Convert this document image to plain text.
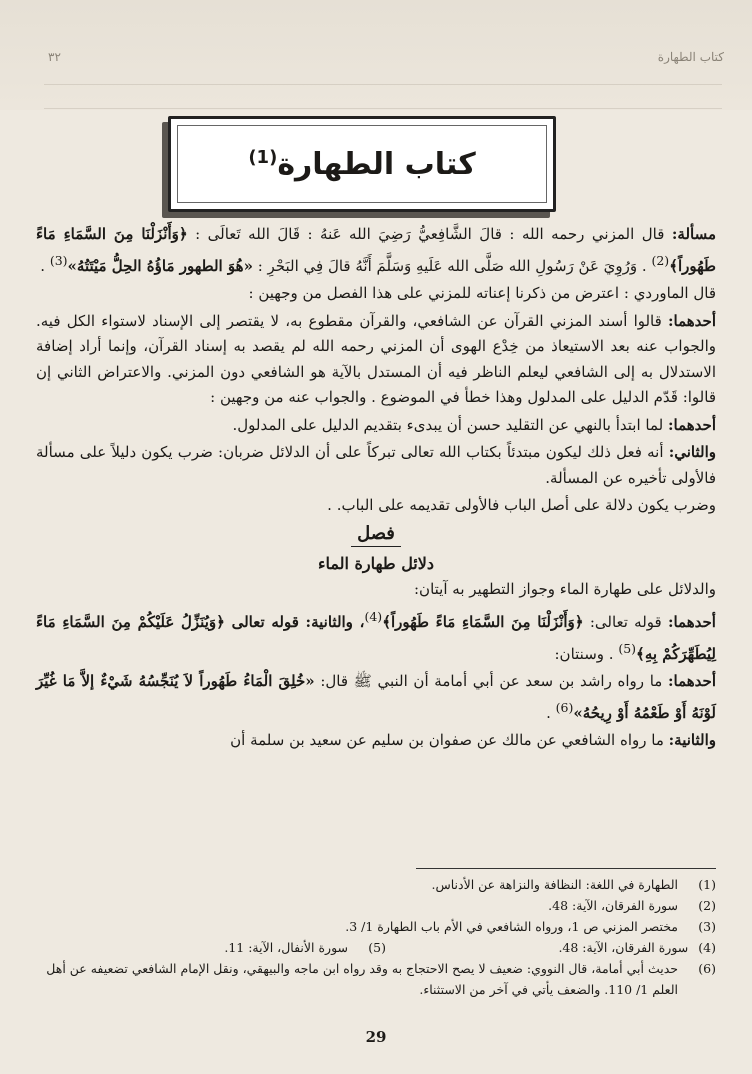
كتاب الطهارة
٣٢
كتاب الطهارة$^{(1)}$

مسألة: قال المزني رحمه الله : قالَ الشَّافِعيُّ رَضِيَ الله عَنهُ : قَالَ الله تَعالَى : ﴿وَأَنْزَلْنَا مِنَ السَّمَاءِ مَاءً طَهُوراً﴾$^{(2)}$ . وَرُوِيَ عَنْ رَسُولِ الله صَلَّى الله عَلَيهِ وَسَلَّمَ أَنَّهُ قالَ فِي البَحْرِ : «هُوَ الطهور مَاؤُهُ الحِلُّ مَيْتَتُهُ»$^{(3)}$ .

قال الماوردي : اعترض من ذكرنا إعناته للمزني على هذا الفصل من وجهين :

أحدهما: قالوا أسند المزني القرآن عن الشافعي، والقرآن مقطوع به، لا يقتصر إلى الإسناد لاستواء الكل فيه. والجواب عنه بعد الاستيعاذ من خِدْع الهوى أن المزني رحمه الله لم يقصد به إسناد القرآن، وإنما أراد إضافة الاستدلال به إلى الشافعي ليعلم الناظر فيه أن المستدل بالآية هو الشافعي دون المزني. والاعتراض الثاني إن قالوا: قَدّم الدليل على المدلول وهذا خطأ في الموضوع . والجواب عنه من وجهين :

أحدهما: لما ابتدأ بالنهي عن التقليد حسن أن يبدىء بتقديم الدليل على المدلول.

والثاني: أنه فعل ذلك ليكون مبتدئاً بكتاب الله تعالى تبركاً على أن الدلائل ضربان: ضرب يكون دليلاً على مسألة فالأولى تأخيره عن المسألة.

وضرب يكون دلالة على أصل الباب فالأولى تقديمه على الباب. .

فصل
دلائل طهارة الماء

والدلائل على طهارة الماء وجواز التطهير به آيتان:

أحدهما: قوله تعالى: ﴿وَأَنْزَلْنَا مِنَ السَّمَاءِ مَاءً طَهُوراً﴾$^{(4)}$، والثانية: قوله تعالى ﴿وَيُنَزِّلُ عَلَيْكُمْ مِنَ السَّمَاءِ مَاءً لِيُطَهِّرَكُمْ بِهِ﴾$^{(5)}$ . وسنتان:

أحدهما: ما رواه راشد بن سعد عن أبي أمامة أن النبي ﷺ قال: «خُلِقَ الْمَاءُ طَهُوراً لاَ يُنَجِّسُهُ شَيْءٌ إلاَّ مَا غُيِّرَ لَوْنَهُ أَوْ طَعْمُهُ أَوْ رِيحُهُ»$^{(6)}$ .

والثانية: ما رواه الشافعي عن مالك عن صفوان بن سليم عن سعيد بن سلمة أن

(1)
الطهارة في اللغة: النظافة والنزاهة عن الأدناس.
(2)
سورة الفرقان، الآية: 48.
(3)
مختصر المزني ص 1، ورواه الشافعي في الأم باب الطهارة 1/ 3.
(4)
سورة الفرقان، الآية: 48.
(5)
سورة الأنفال، الآية: 11.
(6)
حديث أبي أمامة، قال النووي: ضعيف لا يصح الاحتجاج به وقد رواه ابن ماجه والبيهقي، ونقل الإمام الشافعي تضعيفه عن أهل العلم 1/ 110. والضعف يأتي في آخر من الاستثناء.
29
